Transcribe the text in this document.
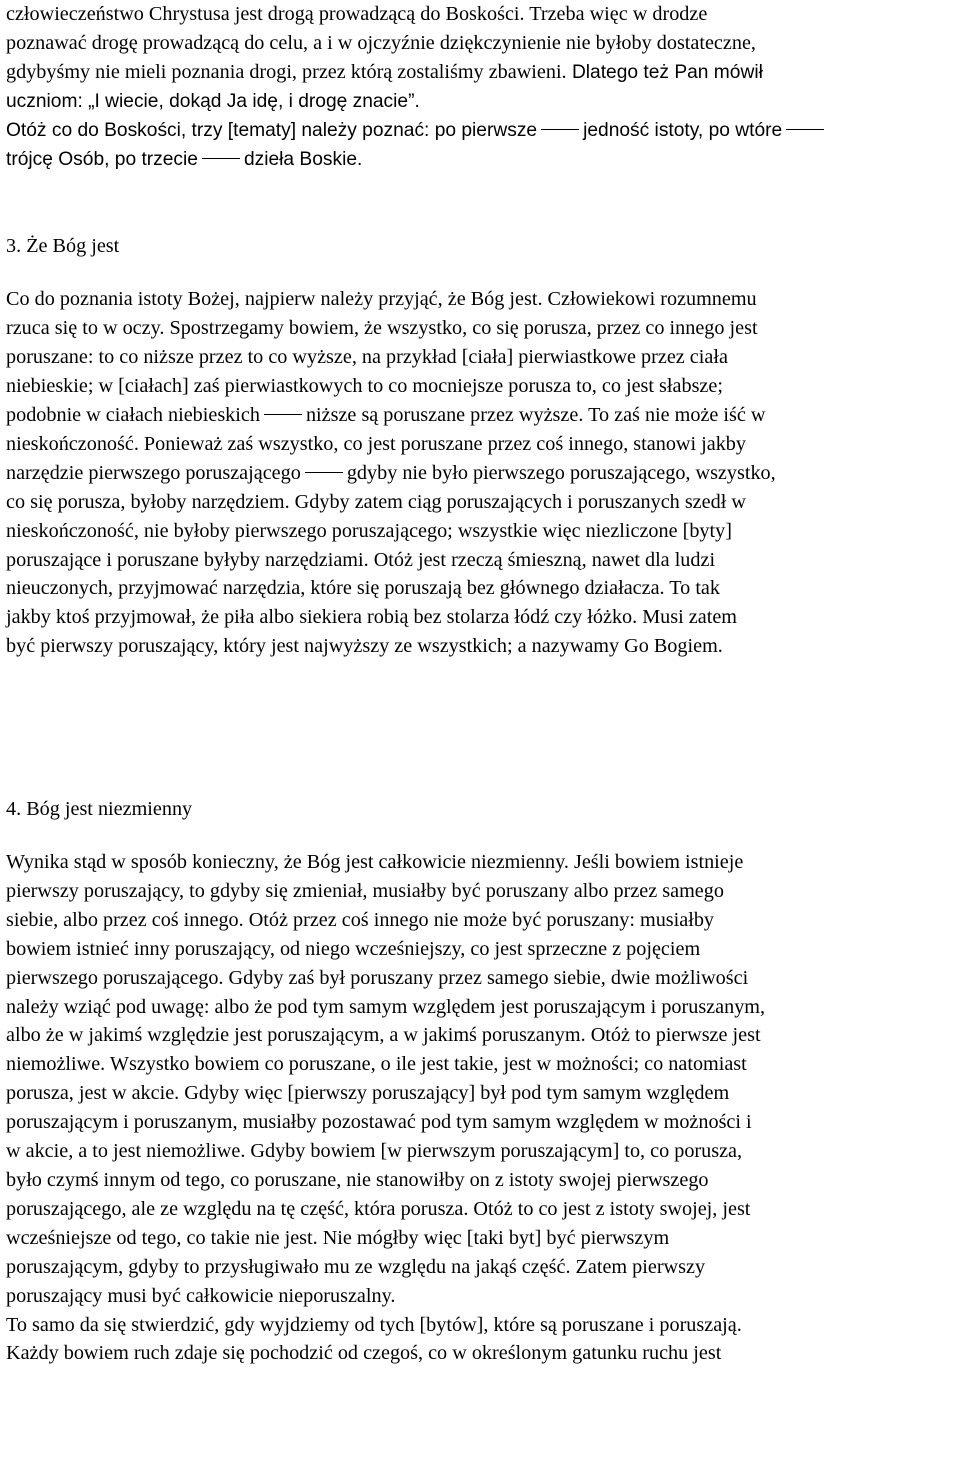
człowieczeństwo Chrystusa jest drogą prowadzącą do Boskości. Trzeba więc w drodze
poznawać drogę prowadzącą do celu, a i w ojczyźnie dziękczynienie nie byłoby dostateczne,
gdybyśmy nie mieli poznania drogi, przez którą zostaliśmy zbawieni. Dlatego też Pan mówił
uczniom: „I wiecie, dokąd Ja idę, i drogę znacie”.
Otóż co do Boskości, trzy [tematy] należy poznać: po pierwsze jedność istoty, po wtóre
trójcę Osób, po trzecie dzieła Boskie.

3. Że Bóg jest

Co do poznania istoty Bożej, najpierw należy przyjąć, że Bóg jest. Człowiekowi rozumnemu
rzuca się to w oczy. Spostrzegamy bowiem, że wszystko, co się porusza, przez co innego jest
poruszane: to co niższe przez to co wyższe, na przykład [ciała] pierwiastkowe przez ciała
niebieskie; w [ciałach] zaś pierwiastkowych to co mocniejsze porusza to, co jest słabsze;
podobnie w ciałach niebieskich niższe są poruszane przez wyższe. To zaś nie może iść w
nieskończoność. Ponieważ zaś wszystko, co jest poruszane przez coś innego, stanowi jakby
narzędzie pierwszego poruszającego gdyby nie było pierwszego poruszającego, wszystko,
co się porusza, byłoby narzędziem. Gdyby zatem ciąg poruszających i poruszanych szedł w
nieskończoność, nie byłoby pierwszego poruszającego; wszystkie więc niezliczone [byty]
poruszające i poruszane byłyby narzędziami. Otóż jest rzeczą śmieszną, nawet dla ludzi
nieuczonych, przyjmować narzędzia, które się poruszają bez głównego działacza. To tak
jakby ktoś przyjmował, że piła albo siekiera robią bez stolarza łódź czy łóżko. Musi zatem
być pierwszy poruszający, który jest najwyższy ze wszystkich; a nazywamy Go Bogiem.

4. Bóg jest niezmienny

Wynika stąd w sposób konieczny, że Bóg jest całkowicie niezmienny. Jeśli bowiem istnieje
pierwszy poruszający, to gdyby się zmieniał, musiałby być poruszany albo przez samego
siebie, albo przez coś innego. Otóż przez coś innego nie może być poruszany: musiałby
bowiem istnieć inny poruszający, od niego wcześniejszy, co jest sprzeczne z pojęciem
pierwszego poruszającego. Gdyby zaś był poruszany przez samego siebie, dwie możliwości
należy wziąć pod uwagę: albo że pod tym samym względem jest poruszającym i poruszanym,
albo że w jakimś względzie jest poruszającym, a w jakimś poruszanym. Otóż to pierwsze jest
niemożliwe. Wszystko bowiem co poruszane, o ile jest takie, jest w możności; co natomiast
porusza, jest w akcie. Gdyby więc [pierwszy poruszający] był pod tym samym względem
poruszającym i poruszanym, musiałby pozostawać pod tym samym względem w możności i
w akcie, a to jest niemożliwe. Gdyby bowiem [w pierwszym poruszającym] to, co porusza,
było czymś innym od tego, co poruszane, nie stanowiłby on z istoty swojej pierwszego
poruszającego, ale ze względu na tę część, która porusza. Otóż to co jest z istoty swojej, jest
wcześniejsze od tego, co takie nie jest. Nie mógłby więc [taki byt] być pierwszym
poruszającym, gdyby to przysługiwało mu ze względu na jakąś część. Zatem pierwszy
poruszający musi być całkowicie nieporuszalny.
To samo da się stwierdzić, gdy wyjdziemy od tych [bytów], które są poruszane i poruszają.
Każdy bowiem ruch zdaje się pochodzić od czegoś, co w określonym gatunku ruchu jest
